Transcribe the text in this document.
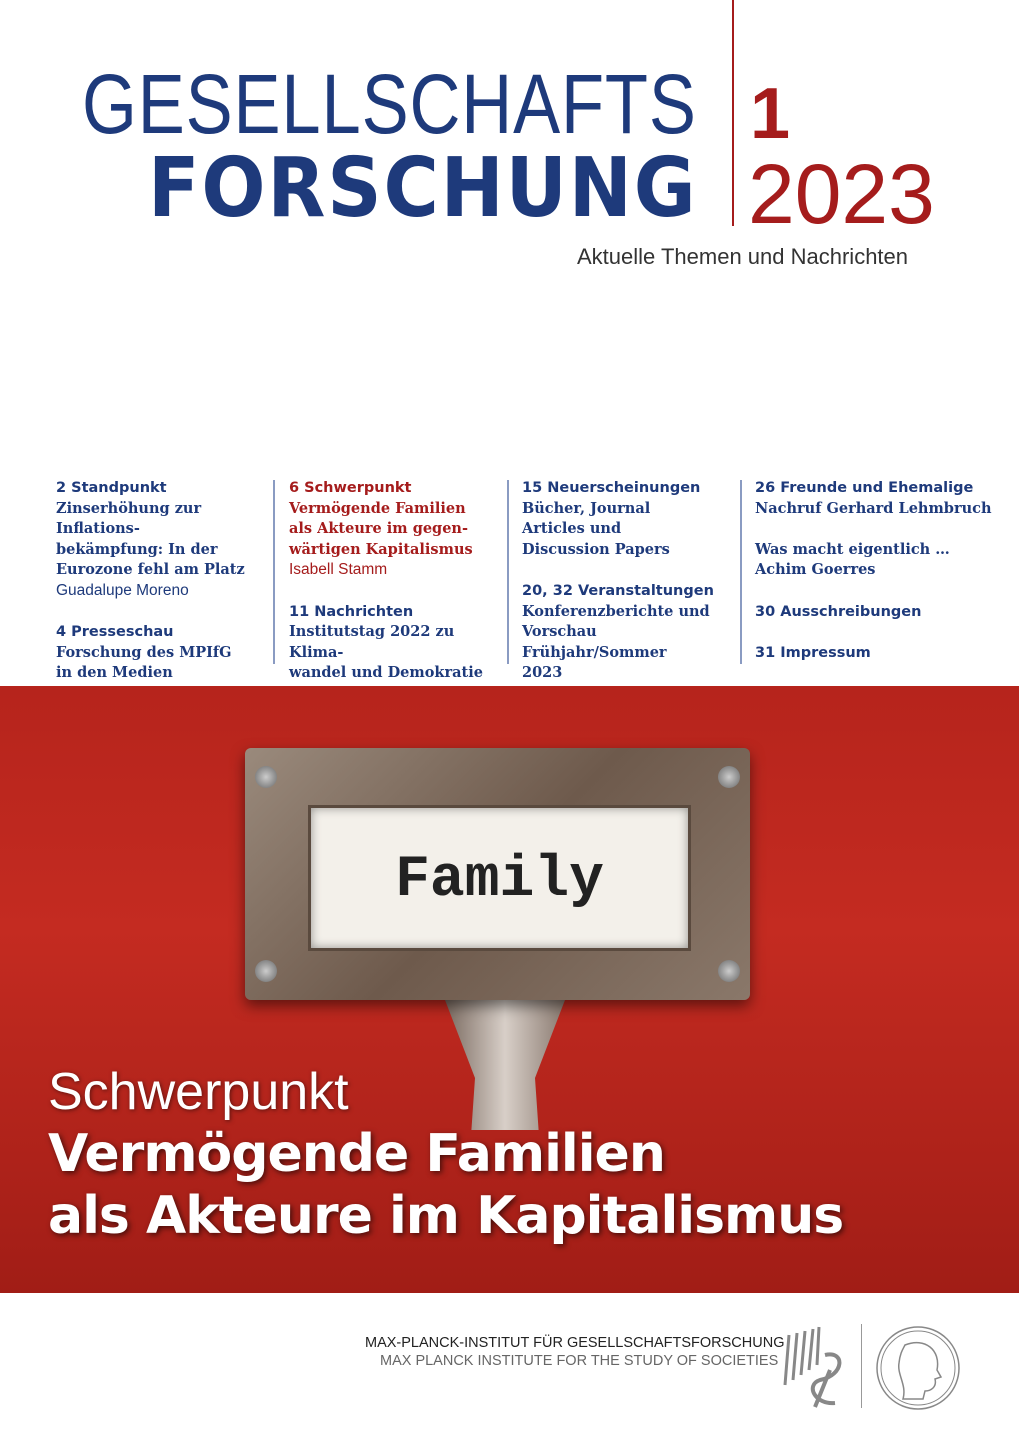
GESELLSCHAFTS
FORSCHUNG
1
2023
Aktuelle Themen und Nachrichten
2 Standpunkt
Zinserhöhung zur Inflations-
bekämpfung: In der
Eurozone fehl am Platz
Guadalupe Moreno
4 Presseschau
Forschung des MPIfG
in den Medien
6 Schwerpunkt
Vermögende Familien
als Akteure im gegen-
wärtigen Kapitalismus
Isabell Stamm
11 Nachrichten
Institutstag 2022 zu Klima-
wandel und Demokratie
15 Neuerscheinungen
Bücher, Journal
Articles und
Discussion Papers
20, 32 Veranstaltungen
Konferenzberichte und
Vorschau Frühjahr/Sommer
2023
26 Freunde und Ehemalige
Nachruf Gerhard Lehmbruch
Was macht eigentlich …
Achim Goerres
30 Ausschreibungen
31 Impressum
Family
Schwerpunkt
Vermögende Familien
als Akteure im Kapitalismus
MAX-PLANCK-INSTITUT FÜR GESELLSCHAFTSFORSCHUNG
MAX PLANCK INSTITUTE FOR THE STUDY OF SOCIETIES
